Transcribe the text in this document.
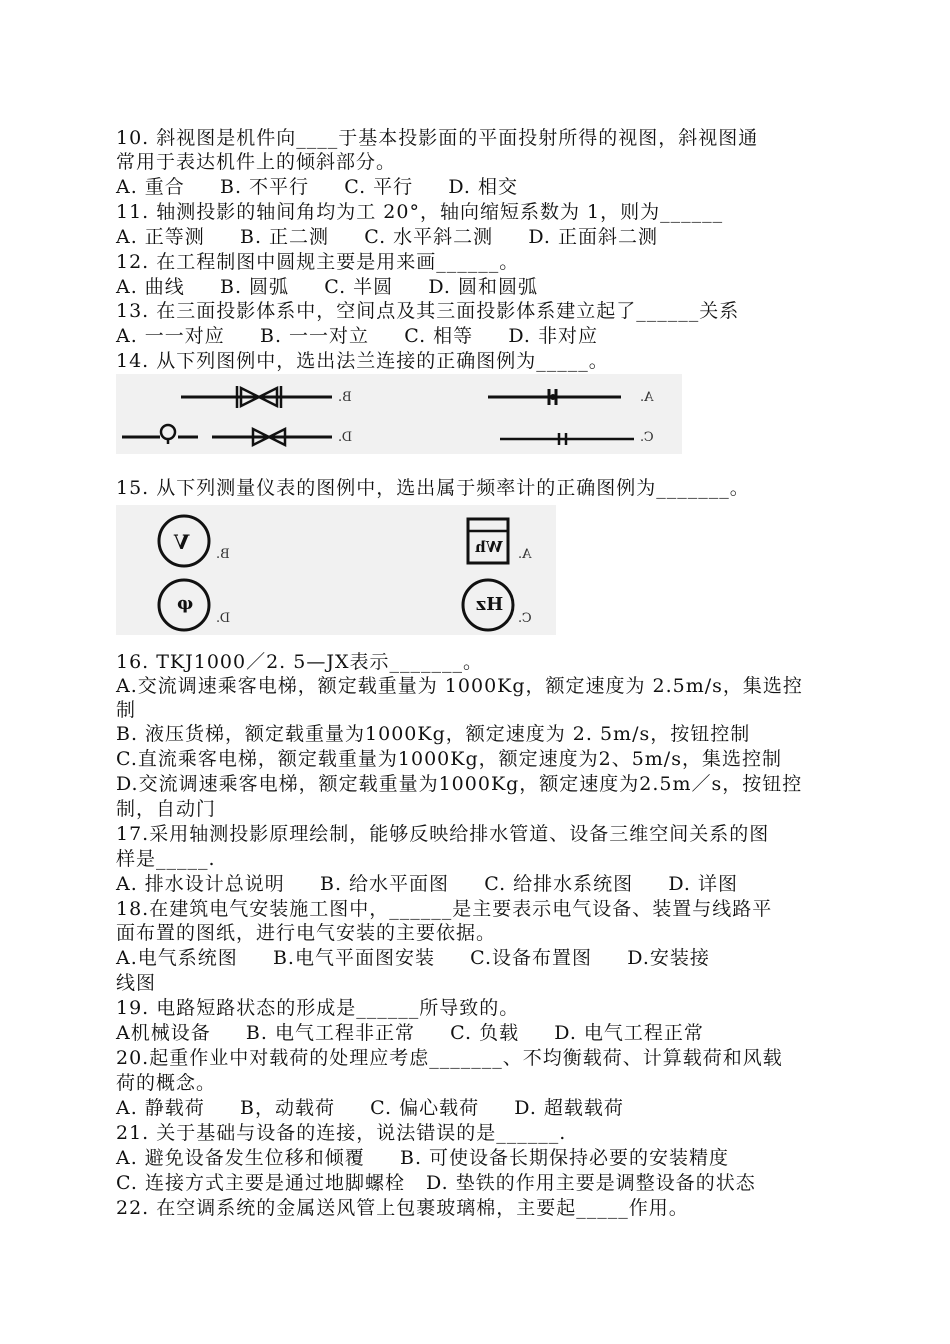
10. 斜视图是机件向____于基本投影面的平面投射所得的视图，斜视图通
常用于表达机件上的倾斜部分。
A. 重合     B. 不平行     C. 平行     D. 相交
11. 轴测投影的轴间角均为工 20°，轴向缩短系数为 1，则为______
A. 正等测     B. 正二测     C. 水平斜二测     D. 正面斜二测
12. 在工程制图中圆规主要是用来画______。
A. 曲线     B. 圆弧     C. 半圆     D. 圆和圆弧
13. 在三面投影体系中，空间点及其三面投影体系建立起了______关系
A. 一一对应     B. 一一对立     C. 相等     D. 非对应
14. 从下列图例中，选出法兰连接的正确图例为_____。
B.	A.
D.	C.
15. 从下列测量仪表的图例中，选出属于频率计的正确图例为_______。
V	Wh
φ	Hz
B.	A.
D.	C.
16. TKJ1000／2. 5—JX表示_______。
A.交流调速乘客电梯，额定载重量为 1000Kg，额定速度为 2.5m/s，集选控
制
B. 液压货梯，额定载重量为1000Kg，额定速度为 2. 5m/s，按钮控制
C.直流乘客电梯，额定载重量为1000Kg，额定速度为2、5m/s，集选控制
D.交流调速乘客电梯，额定载重量为1000Kg，额定速度为2.5m／s，按钮控
制，自动门
17.采用轴测投影原理绘制，能够反映给排水管道、设备三维空间关系的图
样是_____.
A. 排水设计总说明     B. 给水平面图     C. 给排水系统图     D. 详图
18.在建筑电气安装施工图中，______是主要表示电气设备、装置与线路平
面布置的图纸，进行电气安装的主要依据。
A.电气系统图     B.电气平面图安装     C.设备布置图     D.安装接
线图
19. 电路短路状态的形成是______所导致的。
A机械设备     B. 电气工程非正常     C. 负载     D. 电气工程正常
20.起重作业中对载荷的处理应考虑_______、不均衡载荷、计算载荷和风载
荷的概念。
A. 静载荷     B，动载荷     C. 偏心载荷     D. 超载载荷
21. 关于基础与设备的连接，说法错误的是______.
A. 避免设备发生位移和倾覆     B. 可使设备长期保持必要的安装精度
C. 连接方式主要是通过地脚螺栓   D. 垫铁的作用主要是调整设备的状态
22. 在空调系统的金属送风管上包裹玻璃棉，主要起_____作用。
